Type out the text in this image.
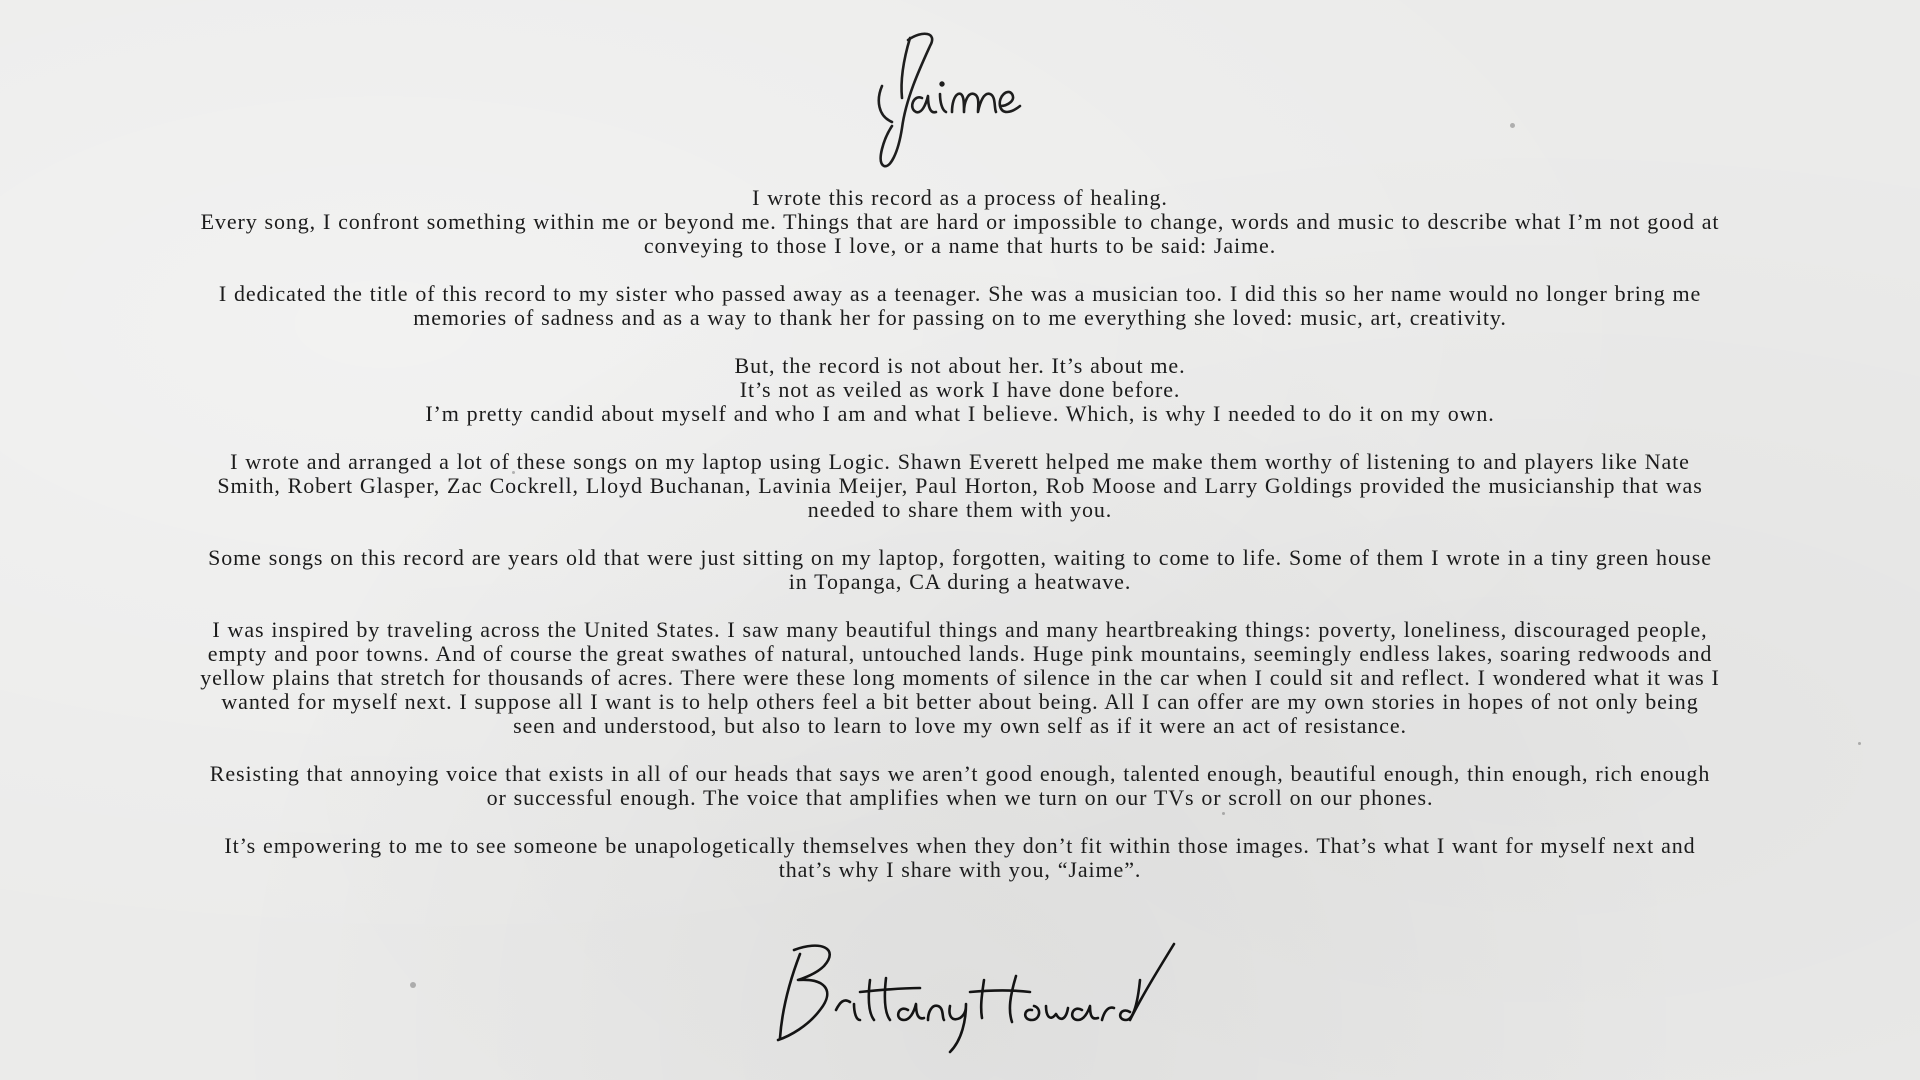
I wrote this record as a process of healing.
Every song, I confront something within me or beyond me. Things that are hard or impossible to change, words and music to describe what I’m not good at conveying to those I love, or a name that hurts to be said: Jaime.

I dedicated the title of this record to my sister who passed away as a teenager. She was a musician too. I did this so her name would no longer bring me memories of sadness and as a way to thank her for passing on to me everything she loved: music, art, creativity.

But, the record is not about her. It’s about me.
It’s not as veiled as work I have done before.
I’m pretty candid about myself and who I am and what I believe. Which, is why I needed to do it on my own.

I wrote and arranged a lot of these songs on my laptop using Logic. Shawn Everett helped me make them worthy of listening to and players like Nate Smith, Robert Glasper, Zac Cockrell, Lloyd Buchanan, Lavinia Meijer, Paul Horton, Rob Moose and Larry Goldings provided the musicianship that was needed to share them with you.

Some songs on this record are years old that were just sitting on my laptop, forgotten, waiting to come to life. Some of them I wrote in a tiny green house in Topanga, CA during a heatwave.

I was inspired by traveling across the United States. I saw many beautiful things and many heartbreaking things: poverty, loneliness, discouraged people, empty and poor towns. And of course the great swathes of natural, untouched lands. Huge pink mountains, seemingly endless lakes, soaring redwoods and yellow plains that stretch for thousands of acres. There were these long moments of silence in the car when I could sit and reflect. I wondered what it was I wanted for myself next. I suppose all I want is to help others feel a bit better about being. All I can offer are my own stories in hopes of not only being seen and understood, but also to learn to love my own self as if it were an act of resistance.

Resisting that annoying voice that exists in all of our heads that says we aren’t good enough, talented enough, beautiful enough, thin enough, rich enough or successful enough. The voice that amplifies when we turn on our TVs or scroll on our phones.

It’s empowering to me to see someone be unapologetically themselves when they don’t fit within those images. That’s what I want for myself next and that’s why I share with you, “Jaime”.
